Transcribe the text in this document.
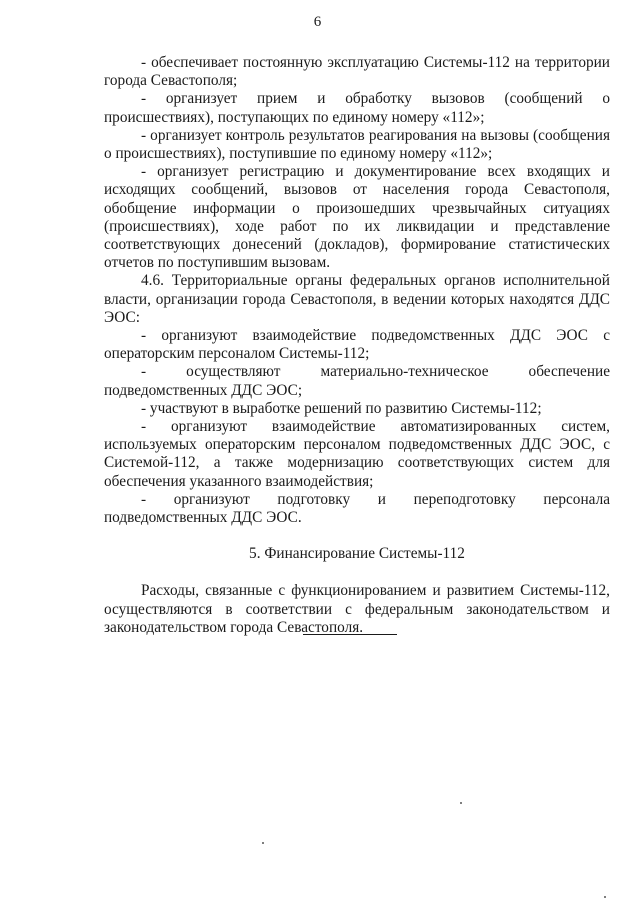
6

- обеспечивает постоянную эксплуатацию Системы-112 на территории города Севастополя;

- организует прием и обработку вызовов (сообщений о происшествиях), поступающих по единому номеру «112»;

- организует контроль результатов реагирования на вызовы (сообщения о происшествиях), поступившие по единому номеру «112»;

- организует регистрацию и документирование всех входящих и исходящих сообщений, вызовов от населения города Севастополя, обобщение информации о произошедших чрезвычайных ситуациях (происшествиях), ходе работ по их ликвидации и представление соответствующих донесений (докладов), формирование статистических отчетов по поступившим вызовам.

4.6. Территориальные органы федеральных органов исполнительной власти, организации города Севастополя, в ведении которых находятся ДДС ЭОС:

- организуют взаимодействие подведомственных ДДС ЭОС с операторским персоналом Системы-112;

- осуществляют материально-техническое обеспечение подведомственных ДДС ЭОС;

- участвуют в выработке решений по развитию Системы-112;

- организуют взаимодействие автоматизированных систем, используемых операторским персоналом подведомственных ДДС ЭОС, с Системой-112, а также модернизацию соответствующих систем для обеспечения указанного взаимодействия;

- организуют подготовку и переподготовку персонала подведомственных ДДС ЭОС.

5. Финансирование Системы-112

Расходы, связанные с функционированием и развитием Системы-112, осуществляются в соответствии с федеральным законодательством и законодательством города Севастополя.
